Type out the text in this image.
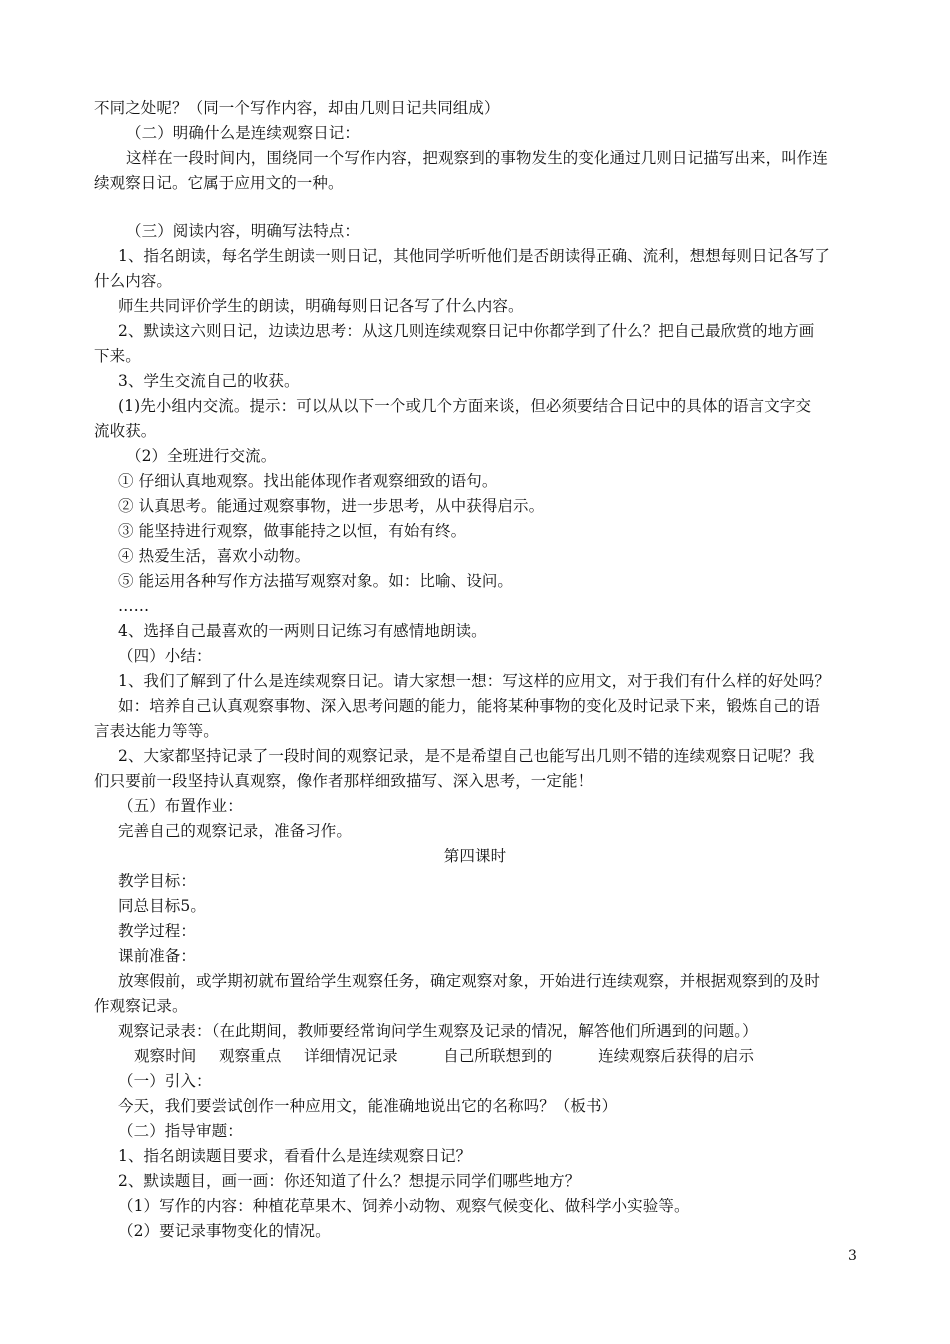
不同之处呢？（同一个写作内容，却由几则日记共同组成）
（二）明确什么是连续观察日记：
这样在一段时间内，围绕同一个写作内容，把观察到的事物发生的变化通过几则日记描写出来，叫作连
续观察日记。它属于应用文的一种。
（三）阅读内容，明确写法特点：
1、指名朗读，每名学生朗读一则日记，其他同学听听他们是否朗读得正确、流利，想想每则日记各写了
什么内容。
师生共同评价学生的朗读，明确每则日记各写了什么内容。
2、默读这六则日记，边读边思考：从这几则连续观察日记中你都学到了什么？把自己最欣赏的地方画
下来。
3、学生交流自己的收获。
(1)先小组内交流。提示：可以从以下一个或几个方面来谈，但必须要结合日记中的具体的语言文字交
流收获。
（2）全班进行交流。
① 仔细认真地观察。找出能体现作者观察细致的语句。
② 认真思考。能通过观察事物，进一步思考，从中获得启示。
③ 能坚持进行观察，做事能持之以恒，有始有终。
④ 热爱生活，喜欢小动物。
⑤ 能运用各种写作方法描写观察对象。如：比喻、设问。
……
4、选择自己最喜欢的一两则日记练习有感情地朗读。
（四）小结：
1、我们了解到了什么是连续观察日记。请大家想一想：写这样的应用文，对于我们有什么样的好处吗？
如：培养自己认真观察事物、深入思考问题的能力，能将某种事物的变化及时记录下来，锻炼自己的语
言表达能力等等。
2、大家都坚持记录了一段时间的观察记录，是不是希望自己也能写出几则不错的连续观察日记呢？我
们只要前一段坚持认真观察，像作者那样细致描写、深入思考，一定能！
（五）布置作业：
完善自己的观察记录，准备习作。
第四课时
教学目标：
同总目标5。
教学过程：
课前准备：
放寒假前，或学期初就布置给学生观察任务，确定观察对象，开始进行连续观察，并根据观察到的及时
作观察记录。
观察记录表：（在此期间，教师要经常询问学生观察及记录的情况，解答他们所遇到的问题。）
观察时间 观察重点 详细情况记录	自己所联想到的	连续观察后获得的启示
（一）引入：
今天，我们要尝试创作一种应用文，能准确地说出它的名称吗？（板书）
（二）指导审题：
1、指名朗读题目要求，看看什么是连续观察日记？
2、默读题目，画一画：你还知道了什么？想提示同学们哪些地方？
（1）写作的内容：种植花草果木、饲养小动物、观察气候变化、做科学小实验等。
（2）要记录事物变化的情况。
3
